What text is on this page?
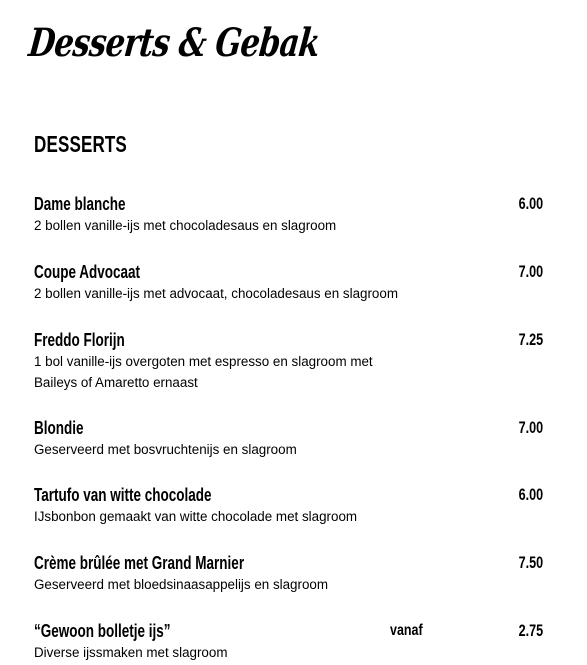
Desserts & Gebak
DESSERTS
Dame blanche	6.00
2 bollen vanille-ijs met chocoladesaus en slagroom
Coupe Advocaat	7.00
2 bollen vanille-ijs met advocaat, chocoladesaus en slagroom
Freddo Florijn	7.25
1 bol vanille-ijs overgoten met espresso en slagroom met
Baileys of Amaretto ernaast
Blondie	7.00
Geserveerd met bosvruchtenijs en slagroom
Tartufo van witte chocolade	6.00
IJsbonbon gemaakt van witte chocolade met slagroom
Crème brûlée met Grand Marnier	7.50
Geserveerd met bloedsinaasappelijs en slagroom
“Gewoon bolletje ijs”	vanaf	2.75
Diverse ijssmaken met slagroom
